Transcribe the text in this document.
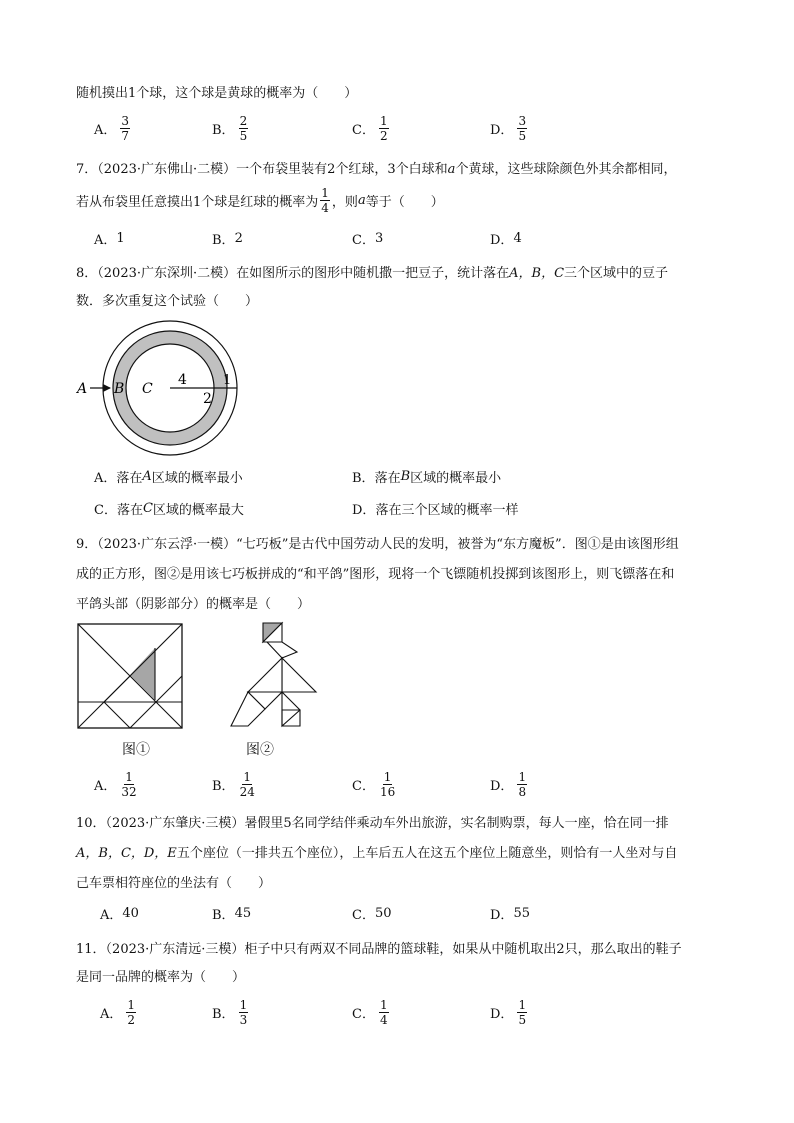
随机摸出1个球，这个球是黄球的概率为（　　）
A． $\frac{3}{7}$	B． $\frac{2}{5}$	C． $\frac{1}{2}$	D． $\frac{3}{5}$
7．（2023·广东佛山·二模）一个布袋里装有2个红球，3个白球和a个黄球，这些球除颜色外其余都相同，
若从布袋里任意摸出1个球是红球的概率为 $\frac{1}{4}$ ，则 a 等于（　　）
A． 1	B． 2	C． 3	D． 4
8．（2023·广东深圳·二模）在如图所示的图形中随机撒一把豆子，统计落在A，B，C三个区域中的豆子
数．多次重复这个试验（　　）
A B C
4	1
2
A． 落在 A 区域的概率最小	B． 落在 B 区域的概率最小
C． 落在 C 区域的概率最大	D． 落在三个区域的概率一样
9．（2023·广东云浮·一模）“七巧板”是古代中国劳动人民的发明，被誉为“东方魔板”．图①是由该图形组
成的正方形，图②是用该七巧板拼成的“和平鸽”图形，现将一个飞镖随机投掷到该图形上，则飞镖落在和
平鸽头部（阴影部分）的概率是（　　）
图①	图②
A． $\frac{1}{32}$	B． $\frac{1}{24}$	C． $\frac{1}{16}$	D． $\frac{1}{8}$
10．（2023·广东肇庆·三模）暑假里5名同学结伴乘动车外出旅游，实名制购票，每人一座，恰在同一排
A，B，C，D，E五个座位（一排共五个座位），上车后五人在这五个座位上随意坐，则恰有一人坐对与自
己车票相符座位的坐法有（　　）
A． 40	B． 45	C． 50	D． 55
11．（2023·广东清远·三模）柜子中只有两双不同品牌的篮球鞋，如果从中随机取出2只，那么取出的鞋子
是同一品牌的概率为（　　）
A． $\frac{1}{2}$	B． $\frac{1}{3}$	C． $\frac{1}{4}$	D． $\frac{1}{5}$
